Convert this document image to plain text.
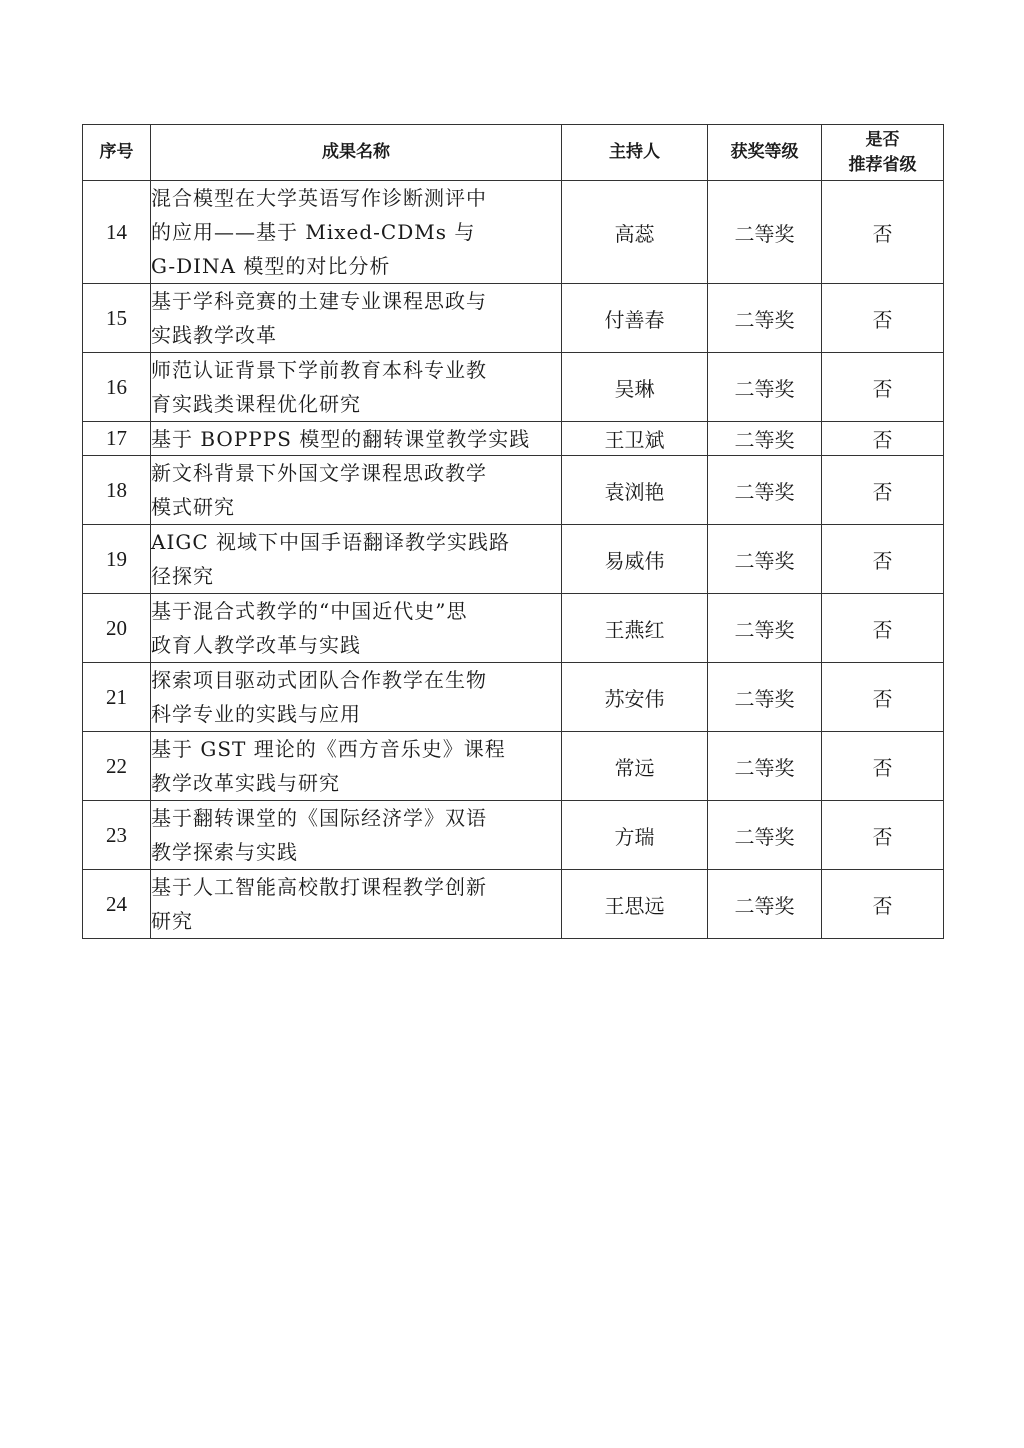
序号	成果名称	主持人	获奖等级	是否
推荐省级

14	混合模型在大学英语写作诊断测评中
的应用——基于 Mixed-CDMs 与
G-DINA 模型的对比分析	高蕊	二等奖	否
15	基于学科竞赛的土建专业课程思政与
实践教学改革	付善春	二等奖	否
16	师范认证背景下学前教育本科专业教
育实践类课程优化研究	吴琳	二等奖	否
17	基于 BOPPPS 模型的翻转课堂教学实践	王卫斌	二等奖	否
18	新文科背景下外国文学课程思政教学
模式研究	袁浏艳	二等奖	否
19	AIGC 视域下中国手语翻译教学实践路
径探究	易威伟	二等奖	否
20	基于混合式教学的“中国近代史”思
政育人教学改革与实践	王燕红	二等奖	否
21	探索项目驱动式团队合作教学在生物
科学专业的实践与应用	苏安伟	二等奖	否
22	基于 GST 理论的《西方音乐史》课程
教学改革实践与研究	常远	二等奖	否
23	基于翻转课堂的《国际经济学》双语
教学探索与实践	方瑞	二等奖	否
24	基于人工智能高校散打课程教学创新
研究	王思远	二等奖	否
